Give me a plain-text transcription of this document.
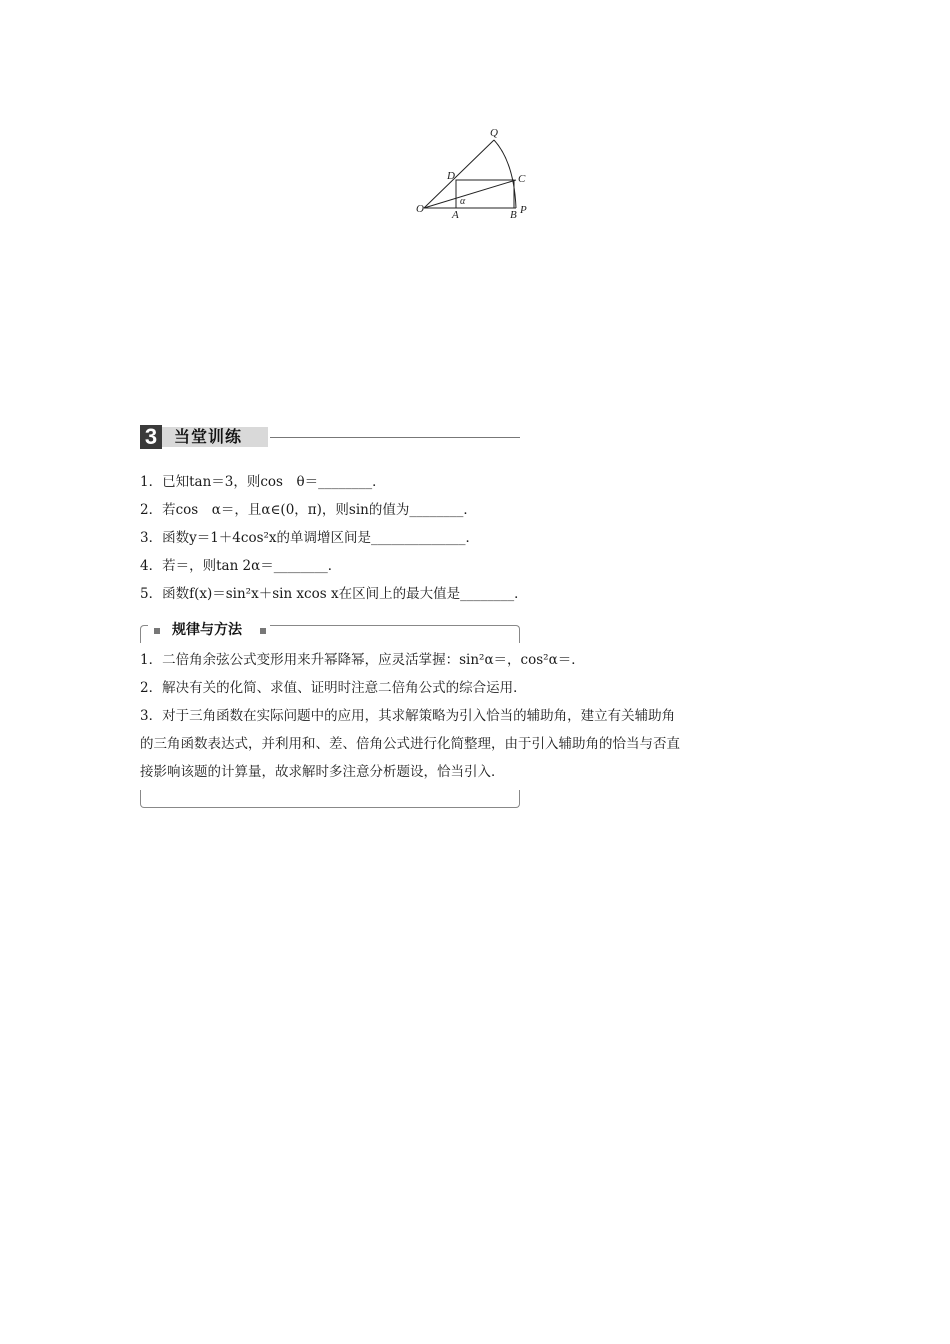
Q
D	C
O	A	B P
α
3	当堂训练
1．已知tan＝3，则cos　θ＝________．
2．若cos　α＝，且α∈(0，π)，则sin的值为________．
3．函数y＝1＋4cos²x的单调增区间是______________．
4．若＝，则tan 2α＝________．
5．函数f(x)＝sin²x＋sin xcos x在区间上的最大值是________．
规律与方法
1．二倍角余弦公式变形用来升幂降幂，应灵活掌握：sin²α＝，cos²α＝．
2．解决有关的化简、求值、证明时注意二倍角公式的综合运用．
3．对于三角函数在实际问题中的应用，其求解策略为引入恰当的辅助角，建立有关辅助角
的三角函数表达式，并利用和、差、倍角公式进行化简整理，由于引入辅助角的恰当与否直
接影响该题的计算量，故求解时多注意分析题设，恰当引入．
